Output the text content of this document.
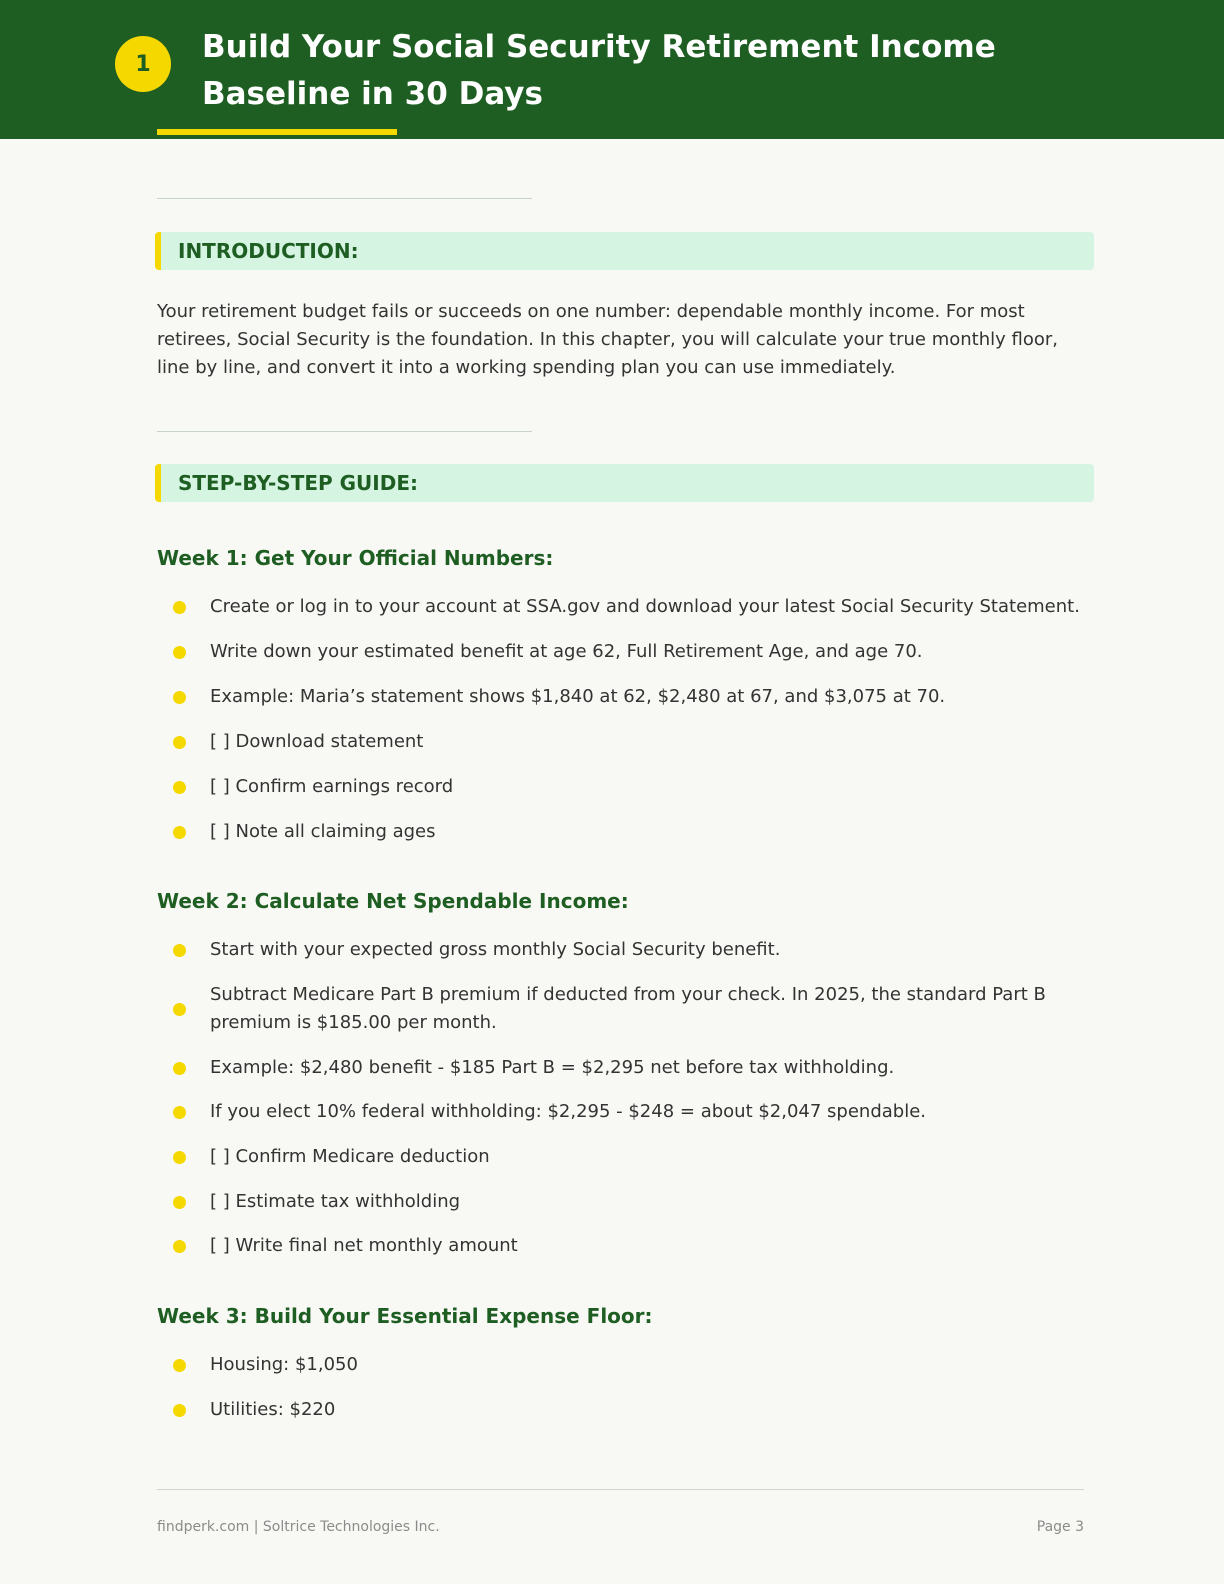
1	Build Your Social Security Retirement Income Baseline in 30 Days
INTRODUCTION:

Your retirement budget fails or succeeds on one number: dependable monthly income. For most retirees, Social Security is the foundation. In this chapter, you will calculate your true monthly floor, line by line, and convert it into a working spending plan you can use immediately.

STEP-BY-STEP GUIDE:
Week 1: Get Your Official Numbers:
Create or log in to your account at SSA.gov and download your latest Social Security Statement.
Write down your estimated benefit at age 62, Full Retirement Age, and age 70.
Example: Maria’s statement shows $1,840 at 62, $2,480 at 67, and $3,075 at 70.
[ ] Download statement
[ ] Confirm earnings record
[ ] Note all claiming ages
Week 2: Calculate Net Spendable Income:
Start with your expected gross monthly Social Security benefit.
Subtract Medicare Part B premium if deducted from your check. In 2025, the standard Part B premium is $185.00 per month.
Example: $2,480 benefit - $185 Part B = $2,295 net before tax withholding.
If you elect 10% federal withholding: $2,295 - $248 = about $2,047 spendable.
[ ] Confirm Medicare deduction
[ ] Estimate tax withholding
[ ] Write final net monthly amount
Week 3: Build Your Essential Expense Floor:
Housing: $1,050
Utilities: $220
findperk.com | Soltrice Technologies Inc.	Page 3
